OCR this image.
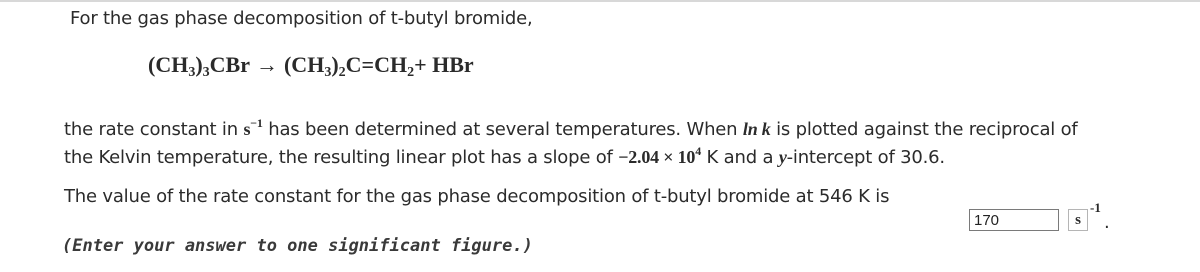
For the gas phase decomposition of t-butyl bromide,
$(CH_3)_3CBr \to (CH_3)_2C=CH_2+$ HBr
the rate constant in $s^{-1}$ has been determined at several temperatures. When ln k is plotted against the reciprocal of
the Kelvin temperature, the resulting linear plot has a slope of $-2.04 \times 10^4$ K and a y-intercept of 30.6.
The value of the rate constant for the gas phase decomposition of t-butyl bromide at 546 K is
170
s
-1
.
(Enter your answer to one significant figure.)
